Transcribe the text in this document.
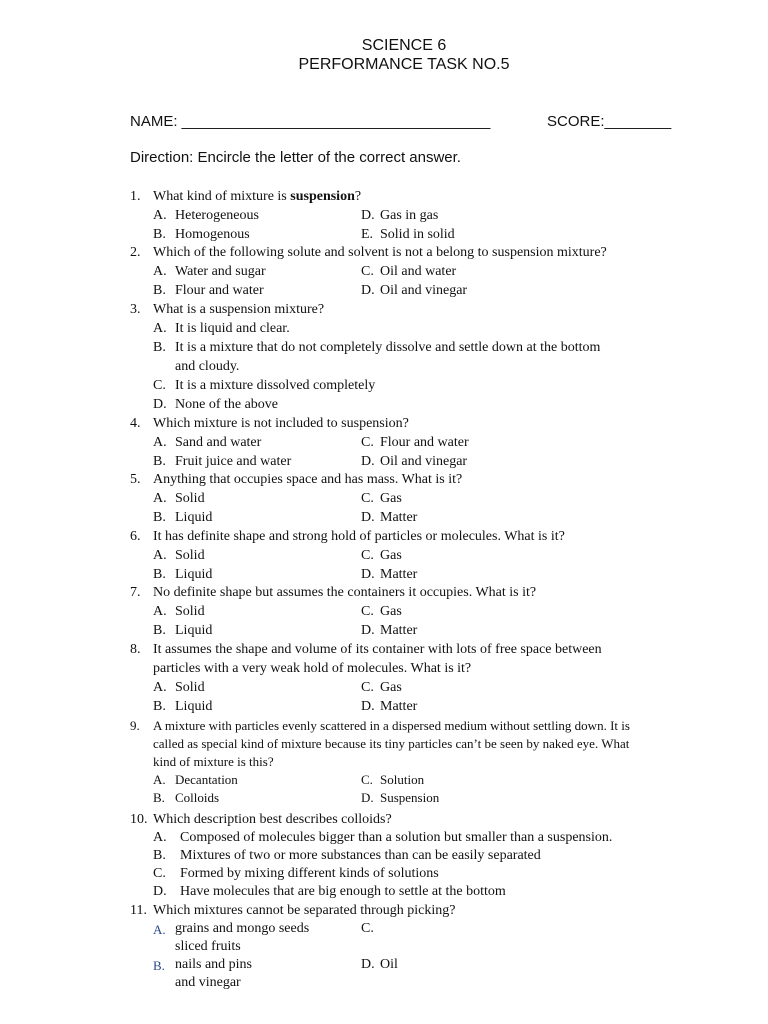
SCIENCE 6
PERFORMANCE TASK NO.5
NAME: _____________________________________	SCORE:________
Direction: Encircle the letter of the correct answer.
1. What kind of mixture is suspension?
A. Heterogeneous	D. Gas in gas
B. Homogenous	E. Solid in solid
2. Which of the following solute and solvent is not a belong to suspension mixture?
A. Water and sugar	C. Oil and water
B. Flour and water	D. Oil and vinegar
3. What is a suspension mixture?
A. It is liquid and clear.
B. It is a mixture that do not completely dissolve and settle down at the bottom
and cloudy.
C. It is a mixture dissolved completely
D. None of the above
4. Which mixture is not included to suspension?
A. Sand and water	C. Flour and water
B. Fruit juice and water	D. Oil and vinegar
5. Anything that occupies space and has mass. What is it?
A. Solid	C. Gas
B. Liquid	D. Matter
6. It has definite shape and strong hold of particles or molecules. What is it?
A. Solid	C. Gas
B. Liquid	D. Matter
7. No definite shape but assumes the containers it occupies. What is it?
A. Solid	C. Gas
B. Liquid	D. Matter
8. It assumes the shape and volume of its container with lots of free space between
particles with a very weak hold of molecules. What is it?
A. Solid	C. Gas
B. Liquid	D. Matter
9. A mixture with particles evenly scattered in a dispersed medium without settling down. It is
called as special kind of mixture because its tiny particles can’t be seen by naked eye. What
kind of mixture is this?
A. Decantation	C. Solution
B. Colloids	D. Suspension
10. Which description best describes colloids?
A. Composed of molecules bigger than a solution but smaller than a suspension.
B. Mixtures of two or more substances than can be easily separated
C. Formed by mixing different kinds of solutions
D. Have molecules that are big enough to settle at the bottom
11. Which mixtures cannot be separated through picking?
A. grains and mongo seeds	C.
sliced fruits
B. nails and pins	D. Oil
and vinegar
